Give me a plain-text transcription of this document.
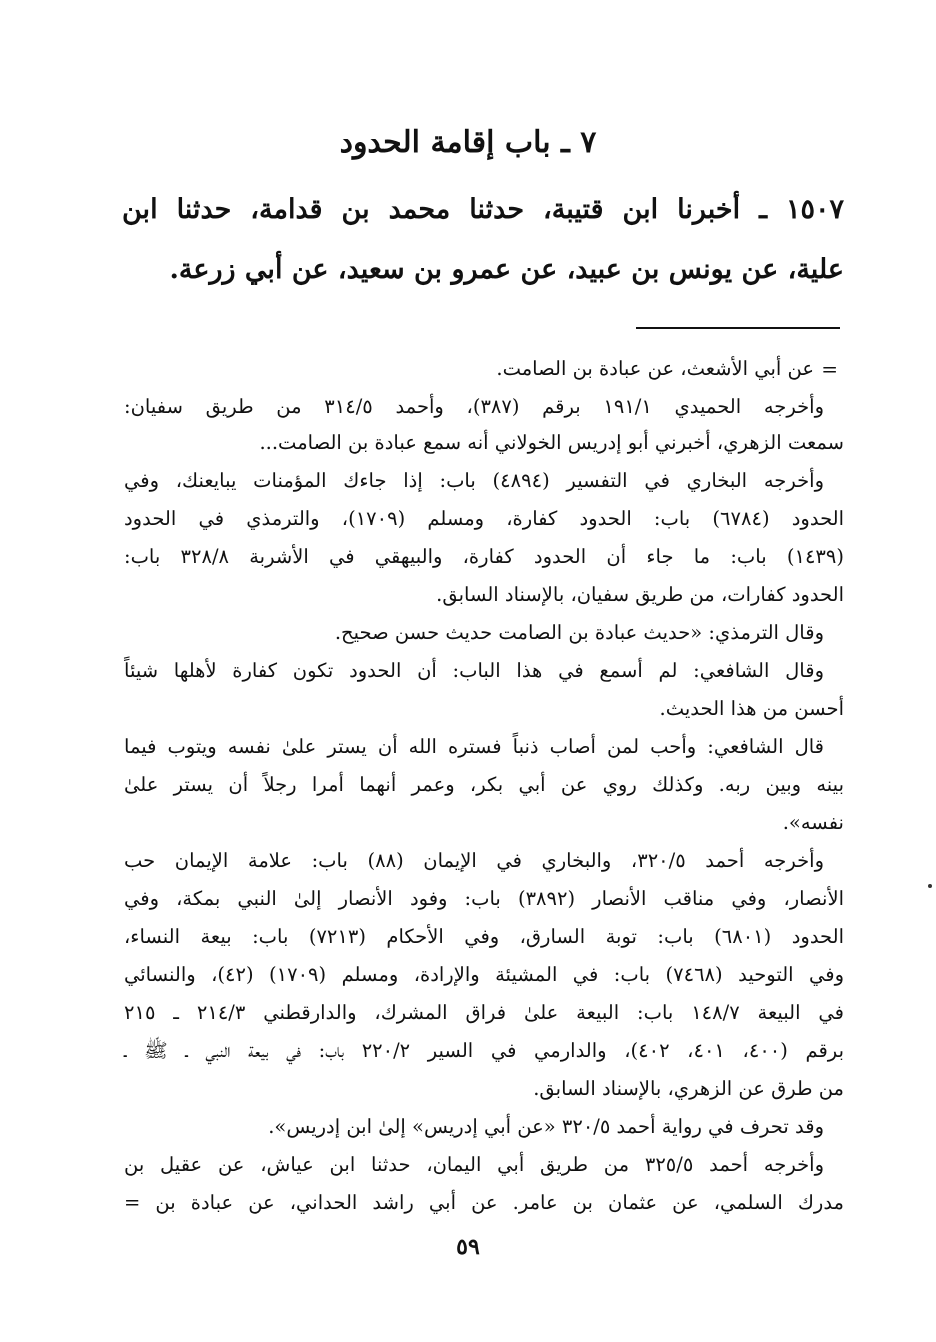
٧ ـ باب إقامة الحدود
١٥٠٧ ـ أخبرنا ابن قتيبة، حدثنا محمد بن قدامة، حدثنا ابن
علية، عن يونس بن عبيد، عن عمرو بن سعيد، عن أبي زرعة.
=
عن أبي الأشعث، عن عبادة بن الصامت.
وأخرجه الحميدي ١٩١/١ برقم (٣٨٧)، وأحمد ٣١٤/٥ من طريق سفيان:
سمعت الزهري، أخبرني أبو إدريس الخولاني أنه سمع عبادة بن الصامت...
وأخرجه البخاري في التفسير (٤٨٩٤) باب: إذا جاءك المؤمنات يبايعنك، وفي
الحدود (٦٧٨٤) باب: الحدود كفارة، ومسلم (١٧٠٩)، والترمذي في الحدود
(١٤٣٩) باب: ما جاء أن الحدود كفارة، والبيهقي في الأشربة ٣٢٨/٨ باب:
الحدود كفارات، من طريق سفيان، بالإسناد السابق.
وقال الترمذي: «حديث عبادة بن الصامت حديث حسن صحيح.
وقال الشافعي: لم أسمع في هذا الباب: أن الحدود تكون كفارة لأهلها شيئاً
أحسن من هذا الحديث.
قال الشافعي: وأحب لمن أصاب ذنباً فستره الله أن يستر علىٰ نفسه ويتوب فيما
بينه وبين ربه. وكذلك روي عن أبي بكر، وعمر أنهما أمرا رجلاً أن يستر علىٰ
نفسه».
وأخرجه أحمد ٣٢٠/٥، والبخاري في الإيمان (٨٨) باب: علامة الإيمان حب
الأنصار، وفي مناقب الأنصار (٣٨٩٢) باب: وفود الأنصار إلىٰ النبي بمكة، وفي
الحدود (٦٨٠١) باب: توبة السارق، وفي الأحكام (٧٢١٣) باب: بيعة النساء،
وفي التوحيد (٧٤٦٨) باب: في المشيئة والإرادة، ومسلم (١٧٠٩) (٤٢)، والنسائي
في البيعة ١٤٨/٧ باب: البيعة علىٰ فراق المشرك، والدارقطني ٢١٤/٣ ـ ٢١٥
برقم (٤٠٠، ٤٠١، ٤٠٢)، والدارمي في السير ٢٢٠/٢ باب: في بيعة النبي ـ ﷺ ـ
من طرق عن الزهري، بالإسناد السابق.
وقد تحرف في رواية أحمد ٣٢٠/٥ «عن أبي إدريس» إلىٰ ابن إدريس».
وأخرجه أحمد ٣٢٥/٥ من طريق أبي اليمان، حدثنا ابن عياش، عن عقيل بن
مدرك السلمي، عن عثمان بن عامر. عن أبي راشد الحداني، عن عبادة بن =
٥٩
